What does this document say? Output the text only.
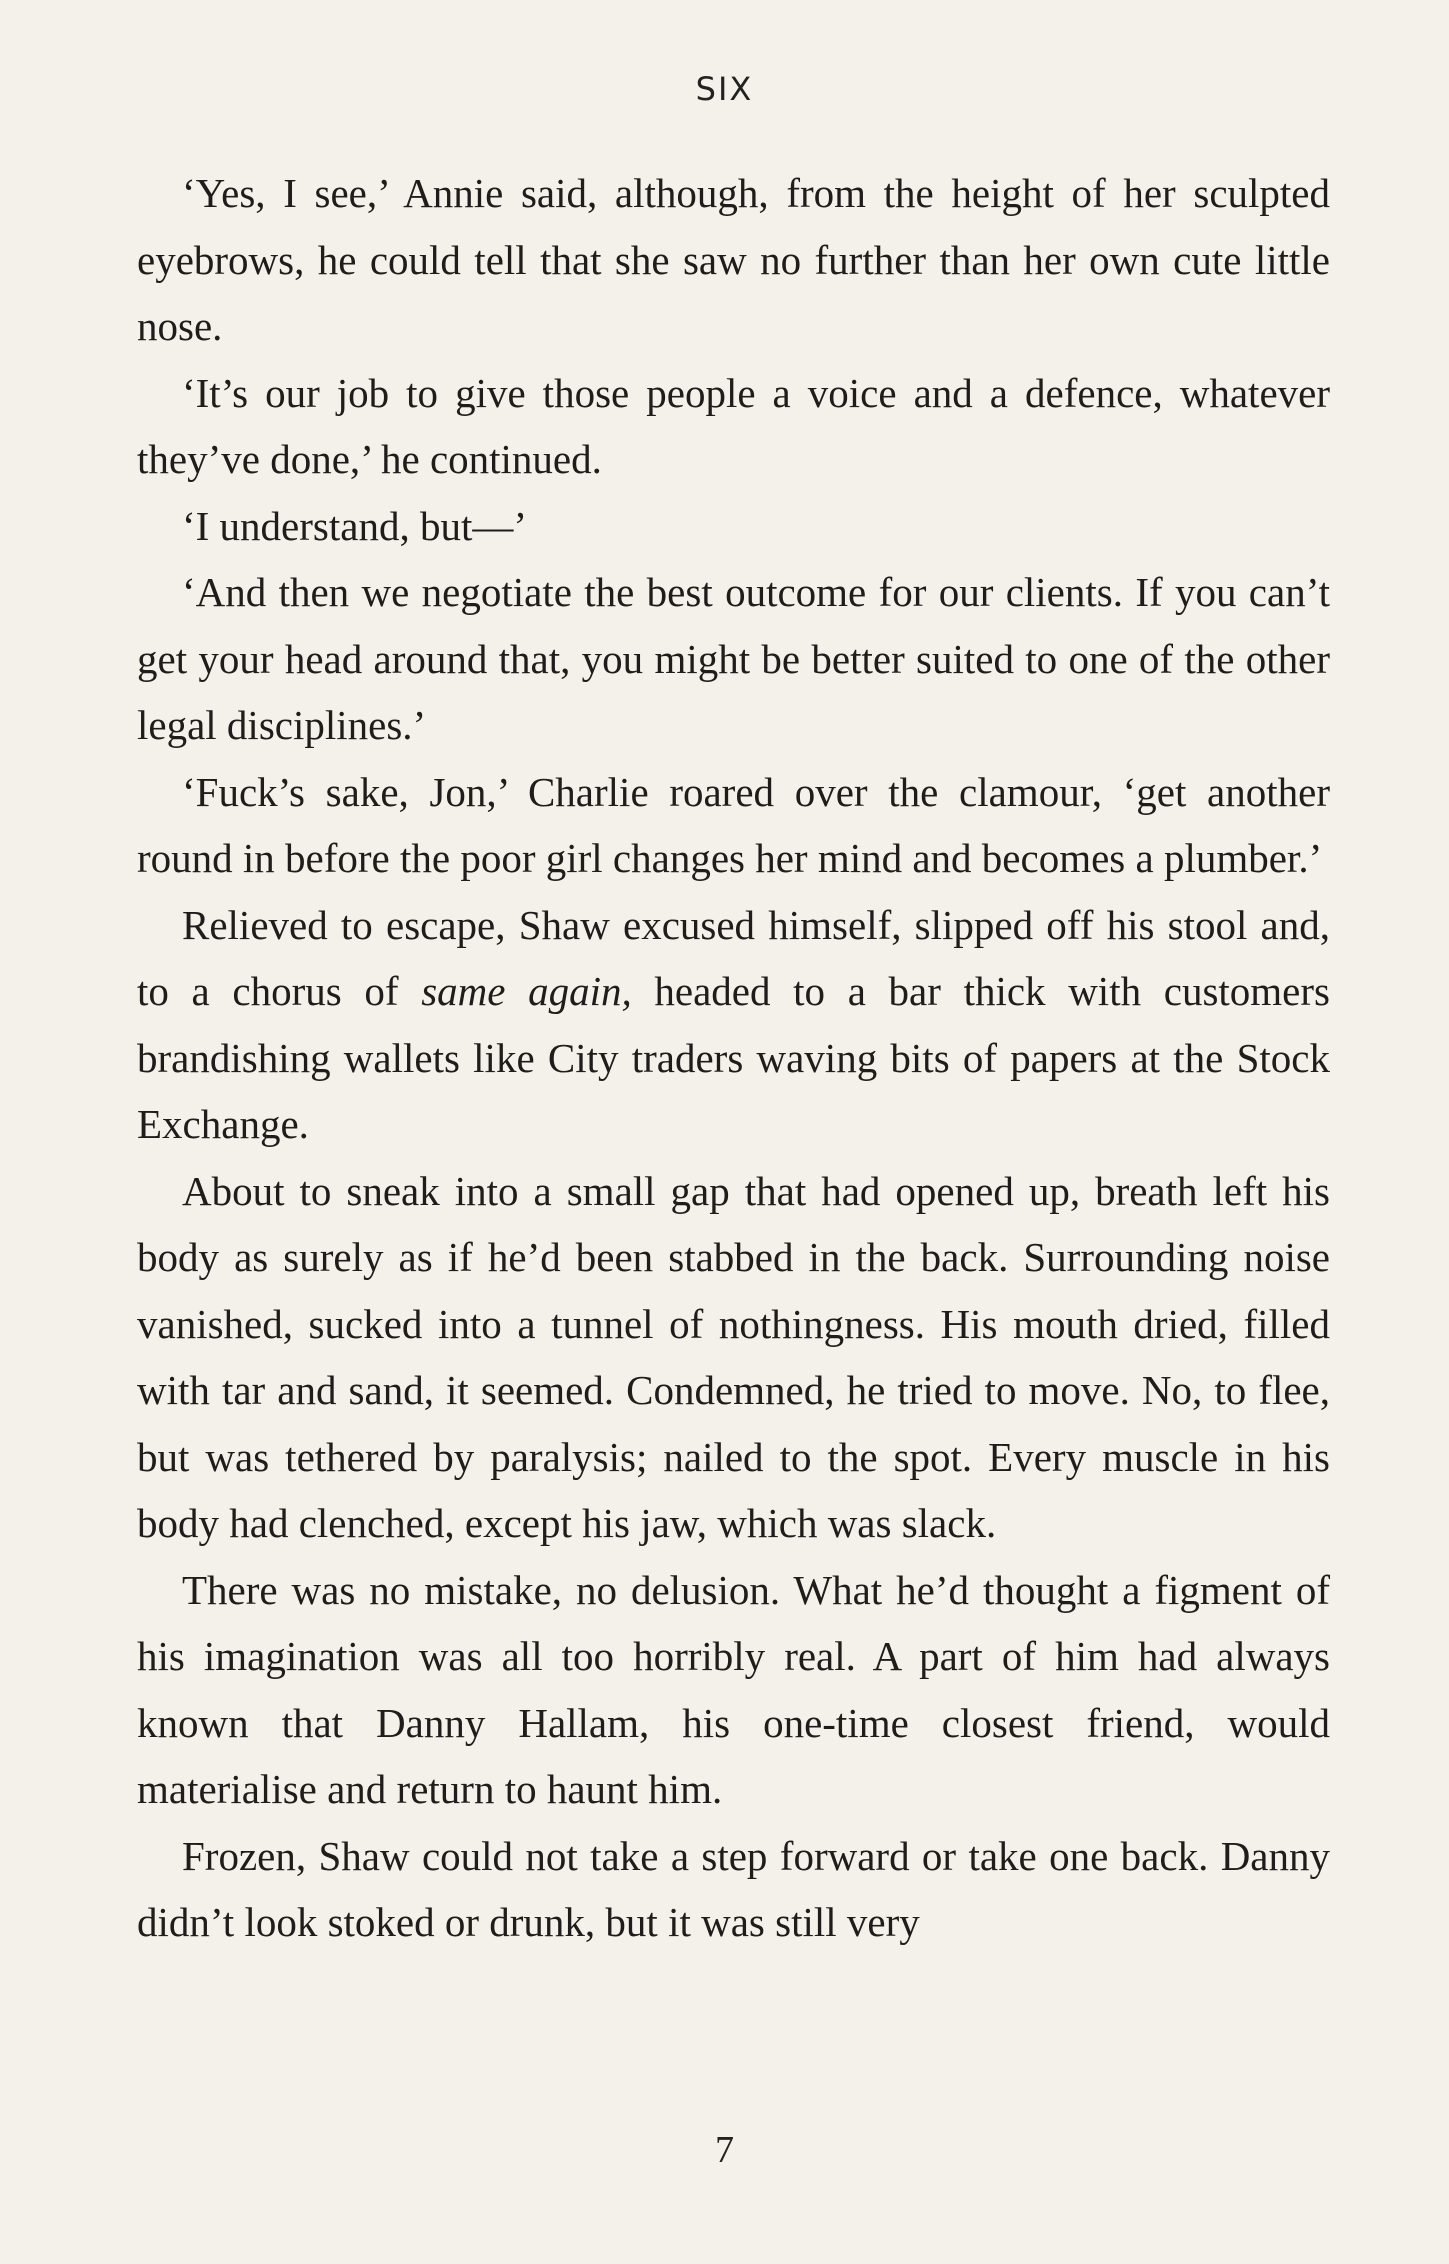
SIX

‘Yes, I see,’ Annie said, although, from the height of her sculpted eyebrows, he could tell that she saw no further than her own cute little nose.

‘It’s our job to give those people a voice and a defence, whatever they’ve done,’ he continued.

‘I understand, but—’

‘And then we negotiate the best outcome for our clients. If you can’t get your head around that, you might be better suited to one of the other legal disciplines.’

‘Fuck’s sake, Jon,’ Charlie roared over the clamour, ‘get another round in before the poor girl changes her mind and becomes a plumber.’

Relieved to escape, Shaw excused himself, slipped off his stool and, to a chorus of same again, headed to a bar thick with customers brandishing wallets like City traders waving bits of papers at the Stock Exchange.

About to sneak into a small gap that had opened up, breath left his body as surely as if he’d been stabbed in the back. Surrounding noise vanished, sucked into a tunnel of nothingness. His mouth dried, filled with tar and sand, it seemed. Condemned, he tried to move. No, to flee, but was tethered by paralysis; nailed to the spot. Every muscle in his body had clenched, except his jaw, which was slack.

There was no mistake, no delusion. What he’d thought a figment of his imagination was all too horribly real. A part of him had always known that Danny Hallam, his one-time closest friend, would materialise and return to haunt him.

Frozen, Shaw could not take a step forward or take one back. Danny didn’t look stoked or drunk, but it was still very

7
